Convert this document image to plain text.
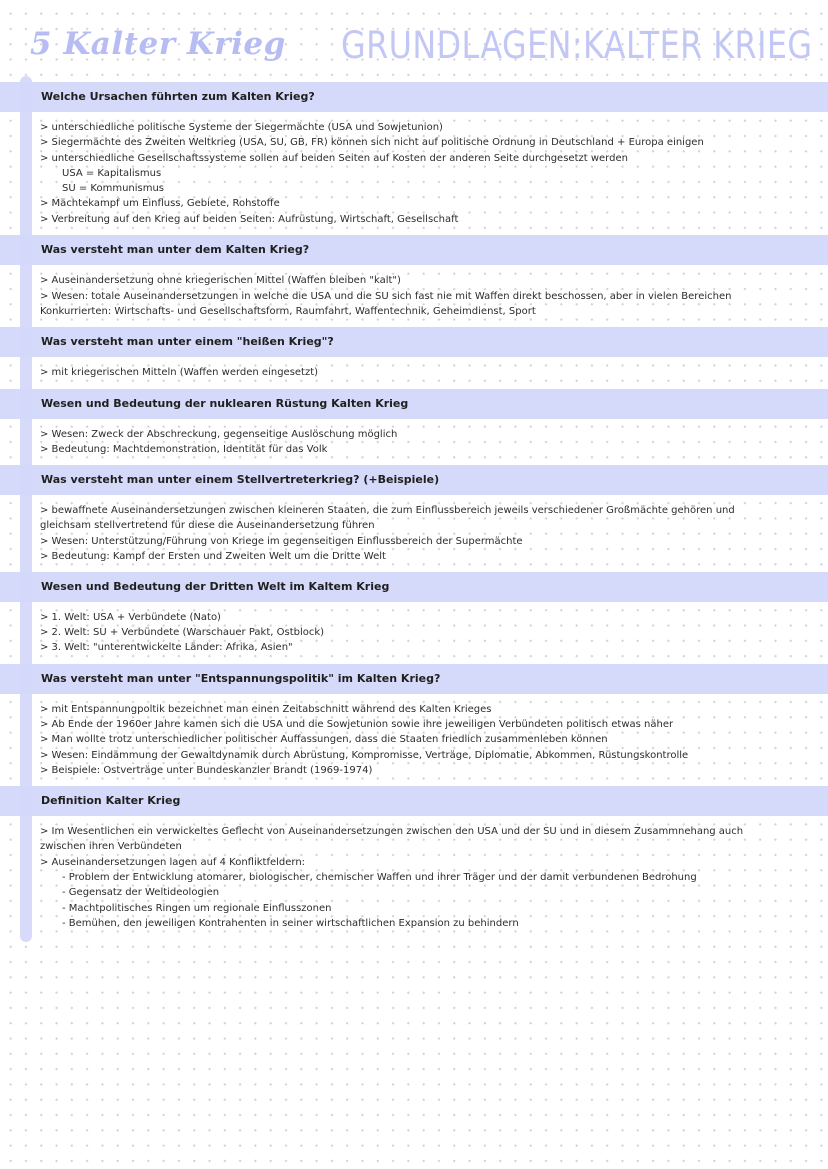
5 Kalter Krieg GRUNDLAGEN:KALTER KRIEG
Welche Ursachen führten zum Kalten Krieg?
> unterschiedliche politische Systeme der Siegermächte (USA und Sowjetunion)
> Siegermächte des Zweiten Weltkrieg (USA, SU, GB, FR) können sich nicht auf politische Ordnung in Deutschland + Europa einigen
> unterschiedliche Gesellschaftssysteme sollen auf beiden Seiten auf Kosten der anderen Seite durchgesetzt werden
USA = Kapitalismus
SU = Kommunismus
> Mächtekampf um Einfluss, Gebiete, Rohstoffe
> Verbreitung auf den Krieg auf beiden Seiten: Aufrüstung, Wirtschaft, Gesellschaft
Was versteht man unter dem Kalten Krieg?
> Auseinandersetzung ohne kriegerischen Mittel (Waffen bleiben "kalt")
> Wesen: totale Auseinandersetzungen in welche die USA und die SU sich fast nie mit Waffen direkt beschossen, aber in vielen Bereichen
Konkurrierten: Wirtschafts- und Gesellschaftsform, Raumfahrt, Waffentechnik, Geheimdienst, Sport
Was versteht man unter einem "heißen Krieg"?
> mit kriegerischen Mitteln (Waffen werden eingesetzt)
Wesen und Bedeutung der nuklearen Rüstung Kalten Krieg
> Wesen: Zweck der Abschreckung, gegenseitige Auslöschung möglich
> Bedeutung: Machtdemonstration, Identität für das Volk
Was versteht man unter einem Stellvertreterkrieg? (+Beispiele)
> bewaffnete Auseinandersetzungen zwischen kleineren Staaten, die zum Einflussbereich jeweils verschiedener Großmächte gehören und
gleichsam stellvertretend für diese die Auseinandersetzung führen
> Wesen: Unterstützung/Führung von Kriege im gegenseitigen Einflussbereich der Supermächte
> Bedeutung: Kampf der Ersten und Zweiten Welt um die Dritte Welt
Wesen und Bedeutung der Dritten Welt im Kaltem Krieg
> 1. Welt: USA + Verbündete (Nato)
> 2. Welt: SU + Verbündete (Warschauer Pakt, Ostblock)
> 3. Welt: "unterentwickelte Länder: Afrika, Asien"
Was versteht man unter "Entspannungspolitik" im Kalten Krieg?
> mit Entspannungpoltik bezeichnet man einen Zeitabschnitt während des Kalten Krieges
> Ab Ende der 1960er Jahre kamen sich die USA und die Sowjetunion sowie ihre jeweiligen Verbündeten politisch etwas näher
> Man wollte trotz unterschiedlicher politischer Auffassungen, dass die Staaten friedlich zusammenleben können
> Wesen: Eindämmung der Gewaltdynamik durch Abrüstung, Kompromisse, Verträge, Diplomatie, Abkommen, Rüstungskontrolle
> Beispiele: Ostverträge unter Bundeskanzler Brandt (1969-1974)
Definition Kalter Krieg
> Im Wesentlichen ein verwickeltes Geflecht von Auseinandersetzungen zwischen den USA und der SU und in diesem Zusammnehang auch
zwischen ihren Verbündeten
> Auseinandersetzungen lagen auf 4 Konfliktfeldern:
- Problem der Entwicklung atomarer, biologischer, chemischer Waffen und ihrer Träger und der damit verbundenen Bedrohung
- Gegensatz der Weltideologien
- Machtpolitisches Ringen um regionale Einflusszonen
- Bemühen, den jeweiligen Kontrahenten in seiner wirtschaftlichen Expansion zu behindern
